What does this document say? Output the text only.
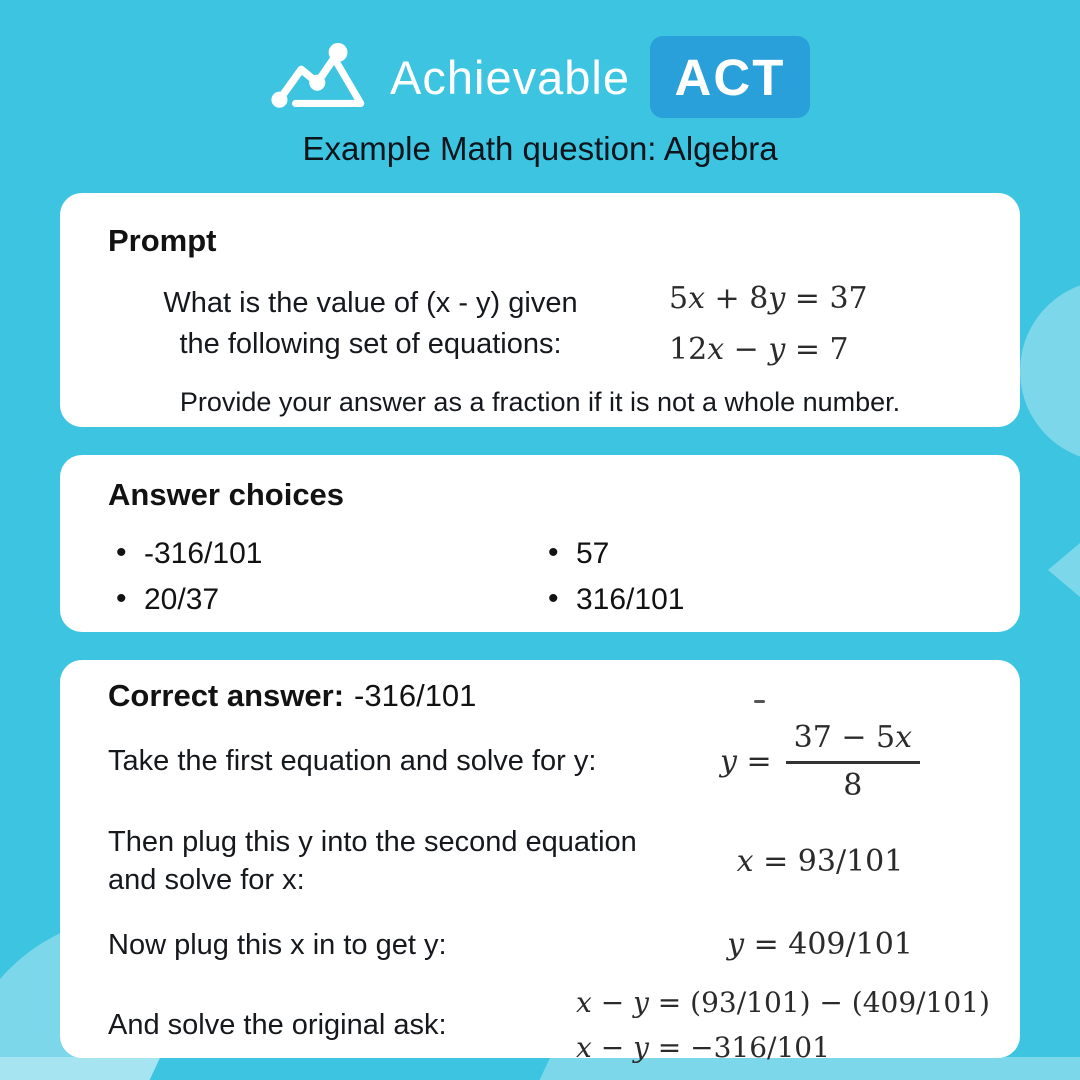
Achievable ACT
Example Math question: Algebra
Prompt
What is the value of (x - y) given
the following set of equations:
5x + 8y = 37
12x − y = 7
Provide your answer as a fraction if it is not a whole number.
Answer choices
• -316/101
• 20/37
• 57
• 316/101
Correct answer: -316/101
Take the first equation and solve for y:	$y = \frac{37 - 5x}{8}$
Then plug this y into the second equation and solve for x:
x = 93/101
Now plug this x in to get y:	y = 409/101
And solve the original ask:
x − y = (93/101) − (409/101)
x − y = −316/101
